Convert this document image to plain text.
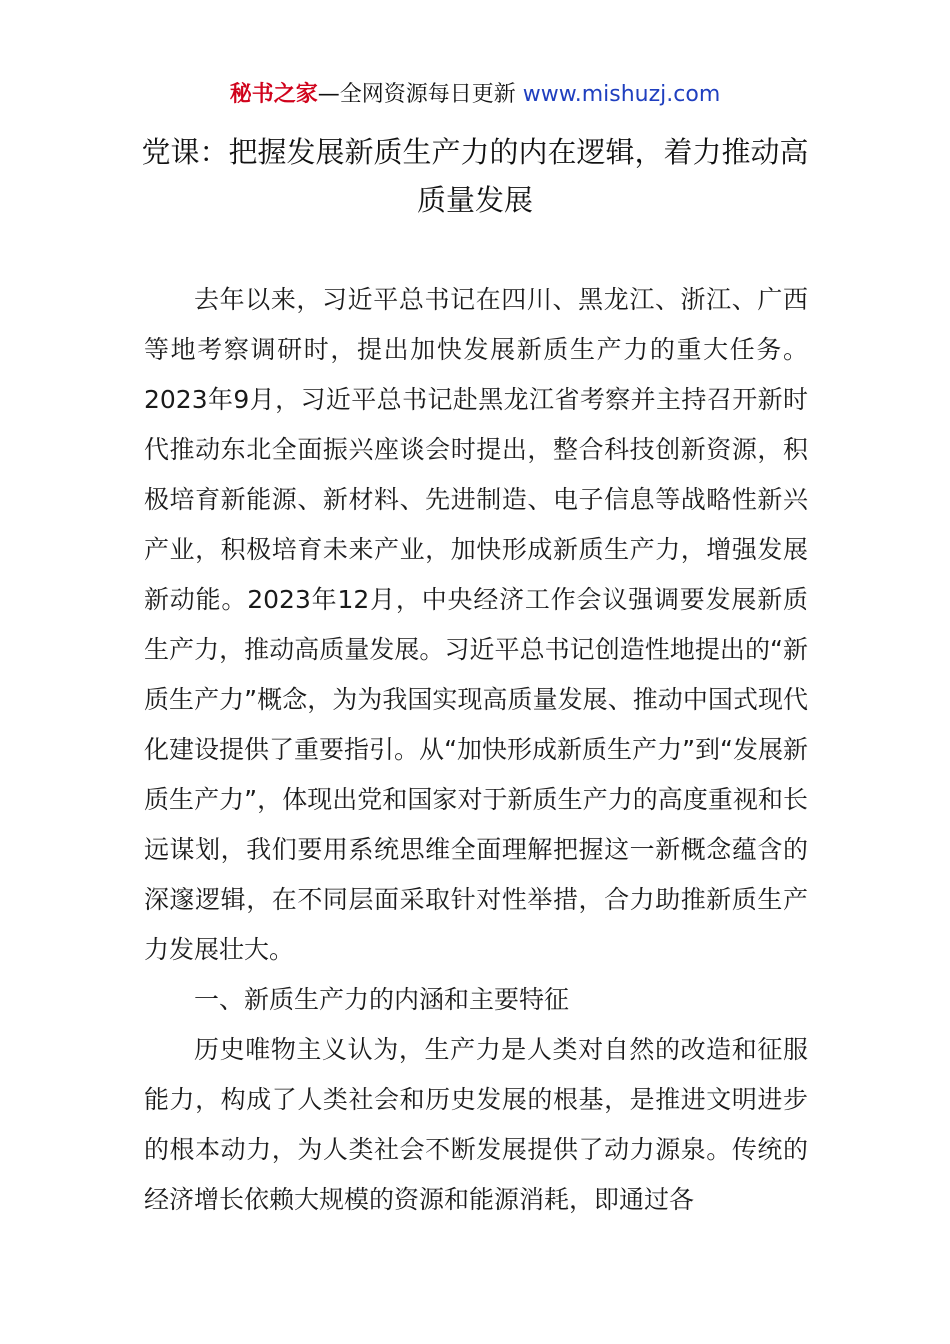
秘书之家—全网资源每日更新 www.mishuzj.com
党课：把握发展新质生产力的内在逻辑，着力推动高质量发展

去年以来，习近平总书记在四川、黑龙江、浙江、广西等地考察调研时，提出加快发展新质生产力的重大任务。2023年9月，习近平总书记赴黑龙江省考察并主持召开新时代推动东北全面振兴座谈会时提出，整合科技创新资源，积极培育新能源、新材料、先进制造、电子信息等战略性新兴产业，积极培育未来产业，加快形成新质生产力，增强发展新动能。2023年12月，中央经济工作会议强调要发展新质生产力，推动高质量发展。习近平总书记创造性地提出的“新质生产力”概念，为为我国实现高质量发展、推动中国式现代化建设提供了重要指引。从“加快形成新质生产力”到“发展新质生产力”，体现出党和国家对于新质生产力的高度重视和长远谋划，我们要用系统思维全面理解把握这一新概念蕴含的深邃逻辑，在不同层面采取针对性举措，合力助推新质生产力发展壮大。

一、新质生产力的内涵和主要特征

历史唯物主义认为，生产力是人类对自然的改造和征服能力，构成了人类社会和历史发展的根基，是推进文明进步的根本动力，为人类社会不断发展提供了动力源泉。传统的经济增长依赖大规模的资源和能源消耗，即通过各
